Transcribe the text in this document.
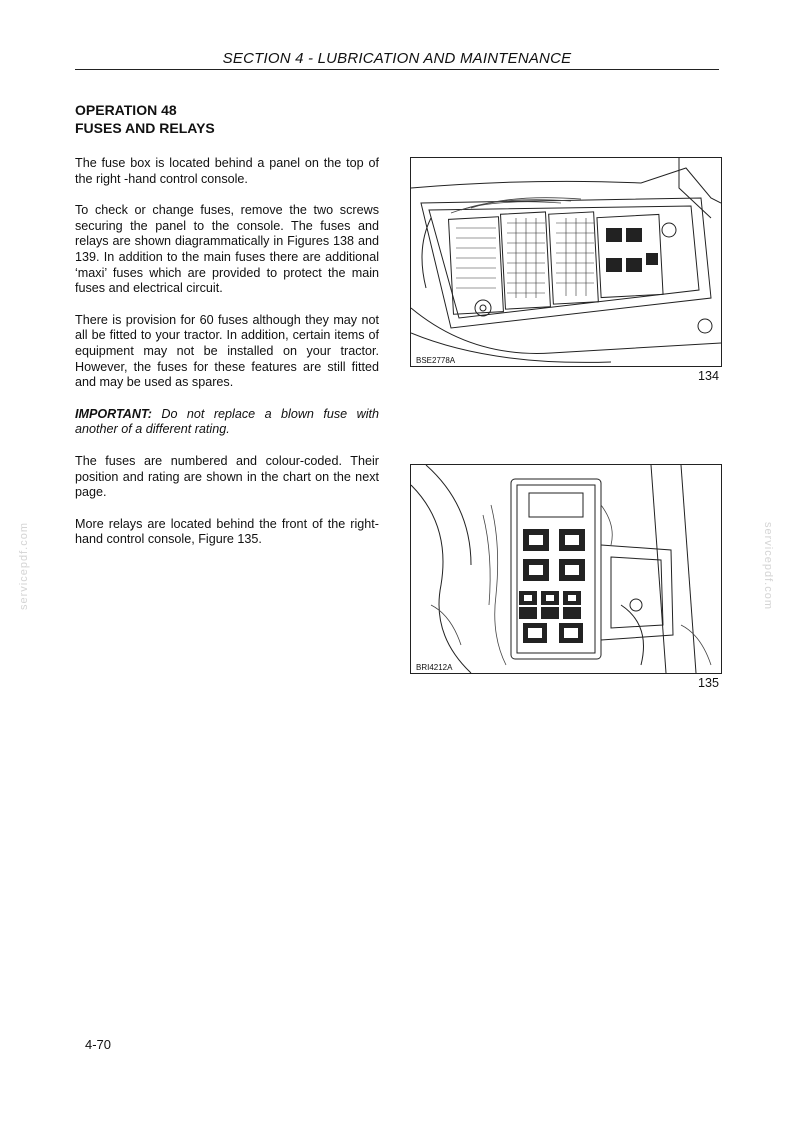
SECTION 4 - LUBRICATION AND MAINTENANCE
OPERATION 48
FUSES AND RELAYS

The fuse box is located behind a panel on the top of the right -hand control console.

To check or change fuses, remove the two screws securing the panel to the console. The fuses and relays are shown diagrammatically in Figures 138 and 139. In addition to the main fuses there are additional ‘maxi’ fuses which are provided to protect the main fuses and electrical circuit.

There is provision for 60 fuses although they may not all be fitted to your tractor. In addition, certain items of equipment may not be installed on your tractor. However, the fuses for these features are still fitted and may be used as spares.

IMPORTANT: Do not replace a blown fuse with another of a different rating.

The fuses are numbered and colour-coded. Their position and rating are shown in the chart on the next page.

More relays are located behind the front of the right-hand control console, Figure 135.

BSE2778A
134
BRI4212A
135
servicepdf.com	servicepdf.com
4-70
